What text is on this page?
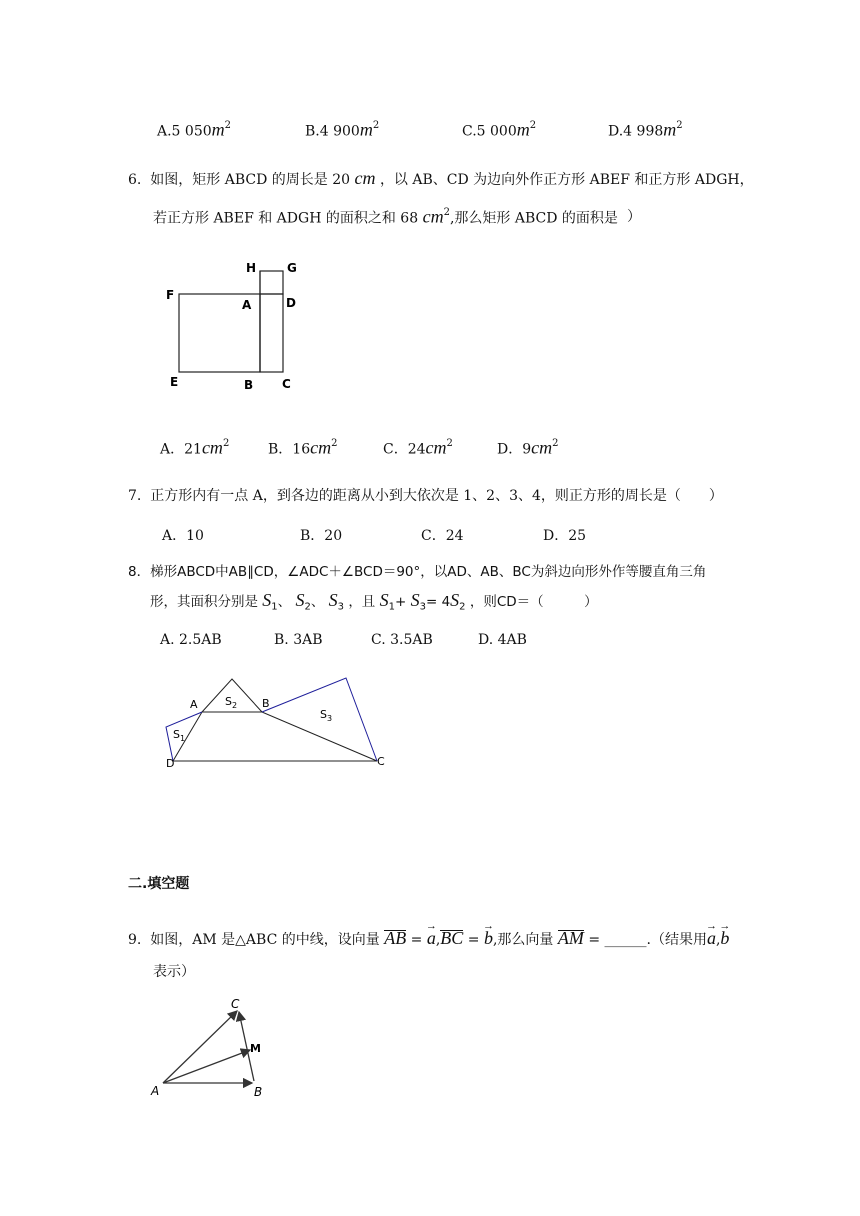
A.5 $050m^2$	B.4 $900m^2$	C.5 $000m^2$	D.4 $998m^2$
6. 如图，矩形 ABCD 的周长是 20 cm ，以 AB、CD 为边向外作正方形 ABEF 和正方形 ADGH，
若正方形 ABEF 和 ADGH 的面积之和 68 $cm^2$,那么矩形 ABCD 的面积是 ）
H	G
F
A	D
E	B C
A．$21cm^2$	B．$16cm^2$	C．$24cm^2$	D．$9cm^2$
7. 正方形内有一点 A，到各边的距离从小到大依次是 1、2、3、4，则正方形的周长是（　　）
A．10	B．20	C．24	D．25
8．梯形ABCD中AB∥CD，∠ADC＋∠BCD＝90°，以AD、AB、BC为斜边向形外作等腰直角三角
形，其面积分别是 $S_1$、 $S_2$、 $S_3$ ，且 $S_1+ S_3= 4S_2$ ，则CD＝（　　　）
A. 2.5AB	B. 3AB	C. 3.5AB	D. 4AB
A	B
C
D
$S_1$
$S_2$
$S_3$
二.填空题
9. 如图，AM 是△ABC 的中线，设向量 AB = → a,BC = → b,那么向量 AM = ______.（结果用→ a,→ b
表示）
C
M
A	B
